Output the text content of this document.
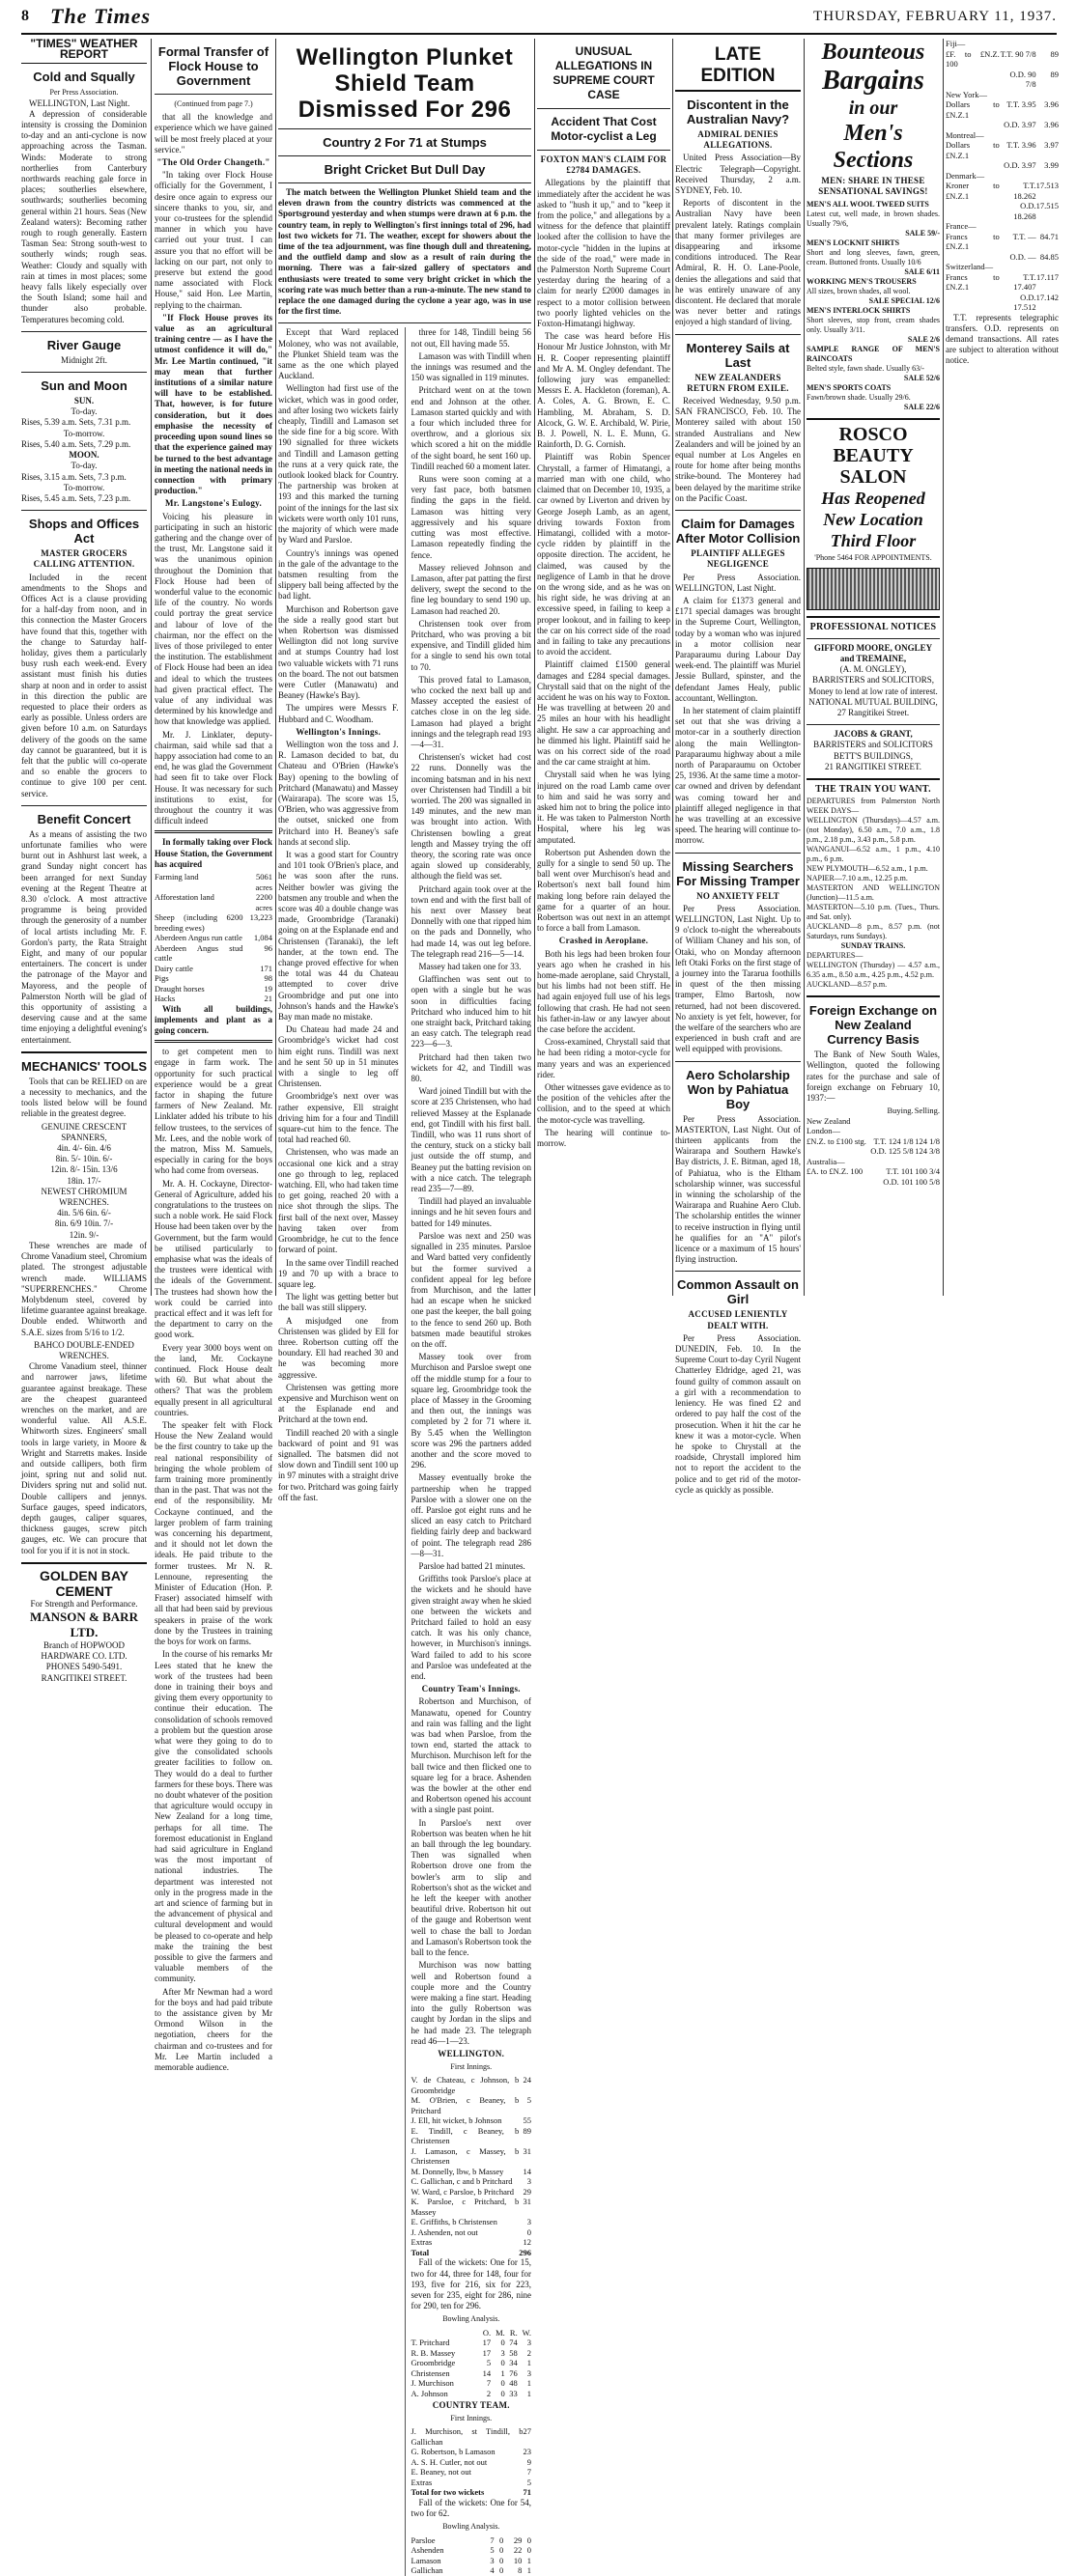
8	The Times	THURSDAY, FEBRUARY 11, 1937.
"TIMES" WEATHER REPORT
Cold and Squally
Per Press Association.
WELLINGTON, Last Night.

A depression of considerable intensity is crossing the Dominion to-day and an anti-cyclone is now approaching across the Tasman. Winds: Moderate to strong northerlies from Canterbury northwards reaching gale force in places; southerlies elsewhere, southwards; southerlies becoming general within 21 hours. Seas (New Zealand waters): Becoming rather rough to rough generally. Eastern Tasman Sea: Strong south-west to southerly winds; rough seas. Weather: Cloudy and squally with rain at times in most places; some heavy falls likely especially over the South Island; some hail and thunder also probable. Temperatures becoming cold.

River Gauge
Midnight 2ft.
Sun and Moon
SUN.
To-day.
Rises, 5.39 a.m. Sets, 7.31 p.m.
To-morrow.
Rises, 5.40 a.m. Sets, 7.29 p.m.
MOON.
To-day.
Rises, 3.15 a.m. Sets, 7.3 p.m.
To-morrow.
Rises, 5.45 a.m. Sets, 7.23 p.m.
Shops and Offices Act
MASTER GROCERS CALLING ATTENTION.

Included in the recent amendments to the Shops and Offices Act is a clause providing for a half-day from noon, and in this connection the Master Grocers have found that this, together with the change to Saturday half-holiday, gives them a particularly busy rush each week-end. Every assistant must finish his duties sharp at noon and in order to assist in this direction the public are requested to place their orders as early as possible. Unless orders are given before 10 a.m. on Saturdays delivery of the goods on the same day cannot be guaranteed, but it is felt that the public will co-operate and so enable the grocers to continue to give 100 per cent. service.

Benefit Concert

As a means of assisting the two unfortunate families who were burnt out in Ashhurst last week, a grand Sunday night concert has been arranged for next Sunday evening at the Regent Theatre at 8.30 o'clock. A most attractive programme is being provided through the generosity of a number of local artists including Mr. F. Gordon's party, the Rata Straight Eight, and many of our popular entertainers. The concert is under the patronage of the Mayor and Mayoress, and the people of Palmerston North will be glad of this opportunity of assisting a deserving cause and at the same time enjoying a delightful evening's entertainment.

MECHANICS' TOOLS

Tools that can be RELIED on are a necessity to mechanics, and the tools listed below will be found reliable in the greatest degree.

GENUINE CRESCENT SPANNERS,
4in. 4/- 6in. 4/6
8in. 5/- 10in. 6/-
12in. 8/- 15in. 13/6
18in. 17/-
NEWEST CHROMIUM WRENCHES.
4in. 5/6 6in. 6/-
8in. 6/9 10in. 7/-
12in. 9/-

These wrenches are made of Chrome Vanadium steel, Chromium plated. The strongest adjustable wrench made. WILLIAMS "SUPERRENCHES." Chrome Molybdenum steel, covered by lifetime guarantee against breakage. Double ended. Whitworth and S.A.E. sizes from 5/16 to 1/2.

BAHCO DOUBLE-ENDED WRENCHES.

Chrome Vanadium steel, thinner and narrower jaws, lifetime guarantee against breakage. These are the cheapest guaranteed wrenches on the market, and are wonderful value. All A.S.E. Whitworth sizes. Engineers' small tools in large variety, in Moore & Wright and Starretts makes. Inside and outside callipers, both firm joint, spring nut and solid nut. Dividers spring nut and solid nut. Double callipers and jennys. Surface gauges, speed indicators, depth gauges, caliper squares, thickness gauges, screw pitch gauges, etc. We can procure that tool for you if it is not in stock.

GOLDEN BAY CEMENT
For Strength and Performance.
MANSON & BARR LTD.
Branch of HOPWOOD HARDWARE CO. LTD.
PHONES 5490-5491.
RANGITIKEI STREET.
Formal Transfer of Flock House to Government
(Continued from page 7.)

that all the knowledge and experience which we have gained will be most freely placed at your service."

"The Old Order Changeth."

"In taking over Flock House officially for the Government, I desire once again to express our sincere thanks to you, sir, and your co-trustees for the splendid manner in which you have carried out your trust. I can assure you that no effort will be lacking on our part, not only to preserve but extend the good name associated with Flock House," said Hon. Lee Martin, replying to the chairman.

"If Flock House proves its value as an agricultural training centre — as I have the utmost confidence it will do," Mr. Lee Martin continued, "it may mean that further institutions of a similar nature will have to be established. That, however, is for future consideration, but it does emphasise the necessity of proceeding upon sound lines so that the experience gained may be turned to the best advantage in meeting the national needs in connection with primary production."

Mr. Langstone's Eulogy.

Voicing his pleasure in participating in such an historic gathering and the change over of the trust, Mr. Langstone said it was the unanimous opinion throughout the Dominion that Flock House had been of wonderful value to the economic life of the country. No words could portray the great service and labour of love of the chairman, nor the effect on the lives of those privileged to enter the institution. The establishment of Flock House had been an idea and ideal to which the trustees had given practical effect. The value of any individual was determined by his knowledge and how that knowledge was applied.

Mr. J. Linklater, deputy-chairman, said while sad that a happy association had come to an end, he was glad the Government had seen fit to take over Flock House. It was necessary for such institutions to exist, for throughout the country it was difficult indeed

In formally taking over Flock House Station, the Government has acquired

Farming land	5061 acres
Afforestation land	2200 acres
Sheep (including 6200 breeding ewes)	13,223
Aberdeen Angus run cattle	1,084
Aberdeen Angus stud cattle	96
Dairy cattle	171
Pigs	98
Draught horses	19
Hacks	21

With all buildings, implements and plant as a going concern.

to get competent men to engage in farm work. The opportunity for such practical experience would be a great factor in shaping the future farmers of New Zealand. Mr. Linklater added his tribute to his fellow trustees, to the services of Mr. Lees, and the noble work of the matron, Miss M. Samuels, especially in caring for the boys who had come from overseas.

Mr. A. H. Cockayne, Director-General of Agriculture, added his congratulations to the trustees on such a noble work. He said Flock House had been taken over by the Government, but the farm would be utilised particularly to emphasise what was the ideals of the trustees were identical with the ideals of the Government. The trustees had shown how the work could be carried into practical effect and it was left for the department to carry on the good work.

Every year 3000 boys went on the land, Mr. Cockayne continued. Flock House dealt with 60. But what about the others? That was the problem equally present in all agricultural countries.

The speaker felt with Flock House the New Zealand would be the first country to take up the real national responsibility of bringing the whole problem of farm training more prominently than in the past. That was not the end of the responsibility. Mr Cockayne continued, and the larger problem of farm training was concerning his department, and it should not let down the ideals. He paid tribute to the former trustees. Mr N. R. Lennoune, representing the Minister of Education (Hon. P. Fraser) associated himself with all that had been said by previous speakers in praise of the work done by the Trustees in training the boys for work on farms.

In the course of his remarks Mr Lees stated that he knew the work of the trustees had been done in training their boys and giving them every opportunity to continue their education. The consolidation of schools removed a problem but the question arose what were they going to do to give the consolidated schools greater facilities to follow on. They would do a deal to further farmers for these boys. There was no doubt whatever of the position that agriculture would occupy in New Zealand for a long time, perhaps for all time. The foremost educationist in England had said agriculture in England was the most important of national industries. The department was interested not only in the progress made in the art and science of farming but in the advancement of physical and cultural development and would be pleased to co-operate and help make the training the best possible to give the farmers and valuable members of the community.

After Mr Newman had a word for the boys and had paid tribute to the assistance given by Mr Ormond Wilson in the negotiation, cheers for the chairman and co-trustees and for Mr. Lee Martin included a memorable audience.

Wellington Plunket Shield Team Dismissed For 296
Country 2 For 71 at Stumps
Bright Cricket But Dull Day

The match between the Wellington Plunket Shield team and the eleven drawn from the country districts was commenced at the Sportsground yesterday and when stumps were drawn at 6 p.m. the country team, in reply to Wellington's first innings total of 296, had lost two wickets for 71. The weather, except for showers about the time of the tea adjournment, was fine though dull and threatening, and the outfield damp and slow as a result of rain during the morning. There was a fair-sized gallery of spectators and enthusiasts were treated to some very bright cricket in which the scoring rate was much better than a run-a-minute. The new stand to replace the one damaged during the cyclone a year ago, was in use for the first time.

Except that Ward replaced Moloney, who was not available, the Plunket Shield team was the same as the one which played Auckland.

Wellington had first use of the wicket, which was in good order, and after losing two wickets fairly cheaply, Tindill and Lamason set the side fine for a big score. With 190 signalled for three wickets and Tindill and Lamason getting the runs at a very quick rate, the outlook looked black for Country. The partnership was broken at 193 and this marked the turning point of the innings for the last six wickets were worth only 101 runs, the majority of which were made by Ward and Parsloe.

Country's innings was opened in the gale of the advantage to the batsmen resulting from the slippery ball being affected by the bad light.

Murchison and Robertson gave the side a really good start but when Robertson was dismissed Wellington did not long survive and at stumps Country had lost two valuable wickets with 71 runs on the board. The not out batsmen were Cutler (Manawatu) and Beaney (Hawke's Bay).

The umpires were Messrs F. Hubbard and C. Woodham.

Wellington's Innings.

Wellington won the toss and J. R. Lamason decided to bat, du Chateau and O'Brien (Hawke's Bay) opening to the bowling of Pritchard (Manawatu) and Massey (Wairarapa). The score was 15, O'Brien, who was aggressive from the outset, snicked one from Pritchard into H. Beaney's safe hands at second slip.

It was a good start for Country and 101 took O'Brien's place, and he was soon after the runs. Neither bowler was giving the batsmen any trouble and when the score was 40 a double change was made, Groombridge (Taranaki) going on at the Esplanade end and Christensen (Taranaki), the left hander, at the town end. The change proved effective for when the total was 44 du Chateau attempted to cover drive Groombridge and put one into Johnson's hands and the Hawke's Bay man made no mistake.

Du Chateau had made 24 and Groombridge's wicket had cost him eight runs. Tindill was next and he sent 50 up in 51 minutes with a single to leg off Christensen.

Groombridge's next over was rather expensive, Ell straight driving him for a four and Tindill square-cut him to the fence. The total had reached 60.

Christensen, who was made an occasional one kick and a stray one go through to leg, replaced watching. Ell, who had taken time to get going, reached 20 with a nice shot through the slips. The first ball of the next over, Massey having taken over from Groombridge, he cut to the fence forward of point.

In the same over Tindill reached 19 and 70 up with a brace to square leg.

The light was getting better but the ball was still slippery.

A misjudged one from Christensen was glided by Ell for three. Robertson cutting off the boundary. Ell had reached 30 and he was becoming more aggressive.

Christensen was getting more expensive and Murchison went on at the Esplanade end and Pritchard at the town end.

Tindill reached 20 with a single backward of point and 91 was signalled. The batsmen did not slow down and Tindill sent 100 up in 97 minutes with a straight drive for two. Pritchard was going fairly off the fast.

three for 148, Tindill being 56 not out, Ell having made 55.

Lamason was with Tindill when the innings was resumed and the 150 was signalled in 119 minutes.

Pritchard went on at the town end and Johnson at the other. Lamason started quickly and with a four which included three for overthrow, and a glorious six which scored a hit on the middle of the sight board, he sent 160 up. Tindill reached 60 a moment later.

Runs were soon coming at a very fast pace, both batsmen finding the gaps in the field. Lamason was hitting very aggressively and his square cutting was most effective. Lamason repeatedly finding the fence.

Massey relieved Johnson and Lamason, after pat patting the first delivery, swept the second to the fine leg boundary to send 190 up. Lamason had reached 20.

Christensen took over from Pritchard, who was proving a bit expensive, and Tindill glided him for a single to send his own total to 70.

This proved fatal to Lamason, who cocked the next ball up and Massey accepted the easiest of catches close in on the leg side. Lamason had played a bright innings and the telegraph read 193—4—31.

Christensen's wicket had cost 22 runs. Donnelly was the incoming batsman and in his next over Christensen had Tindill a bit worried. The 200 was signalled in 149 minutes, and the new man was brought into action. With Christensen bowling a great length and Massey trying the off theory, the scoring rate was once again slowed up considerably, although the field was set.

Pritchard again took over at the town end and with the first ball of his next over Massey beat Donnelly with one that ripped him on the pads and Donnelly, who had made 14, was out leg before. The telegraph read 216—5—14.

Massey had taken one for 33.

Glaffinchen was sent out to open with a single but he was soon in difficulties facing Pritchard who induced him to hit one straight back, Pritchard taking an easy catch. The telegraph read 223—6—3.

Pritchard had then taken two wickets for 42, and Tindill was 80.

Ward joined Tindill but with the score at 235 Christensen, who had relieved Massey at the Esplanade end, got Tindill with his first ball. Tindill, who was 11 runs short of the century, stuck on a sticky ball just outside the off stump, and Beaney put the batting revision on with a nice catch. The telegraph read 235—7—89.

Tindill had played an invaluable innings and he hit seven fours and batted for 149 minutes.

Parsloe was next and 250 was signalled in 235 minutes. Parsloe and Ward batted very confidently but the former survived a confident appeal for leg before from Murchison, and the latter had an escape when he snicked one past the keeper, the ball going to the fence to send 260 up. Both batsmen made beautiful strokes on the off.

Massey took over from Murchison and Parsloe swept one off the middle stump for a four to square leg. Groombridge took the place of Massey in the Grooming and then out, the innings was completed by 2 for 71 where it. By 5.45 when the Wellington score was 296 the partners added another and the score moved to 296.

Massey eventually broke the partnership when he trapped Parsloe with a slower one on the off. Parsloe got eight runs and he sliced an easy catch to Pritchard fielding fairly deep and backward of point. The telegraph read 286—8—31.

Parsloe had batted 21 minutes.

Griffiths took Parsloe's place at the wickets and he should have given straight away when he skied one between the wickets and Pritchard failed to hold an easy catch. It was his only chance, however, in Murchison's innings. Ward failed to add to his score and Parsloe was undefeated at the end.

Country Team's Innings.

Robertson and Murchison, of Manawatu, opened for Country and rain was falling and the light was bad when Parsloe, from the town end, started the attack to Murchison. Murchison left for the ball twice and then flicked one to square leg for a brace. Ashenden was the bowler at the other end and Robertson opened his account with a single past point.

In Parsloe's next over Robertson was beaten when he hit an ball through the leg boundary. Then was signalled when Robertson drove one from the bowler's arm to slip and Robertson's shot as the wicket and he left the keeper with another beautiful drive. Robertson hit out of the gauge and Robertson went well to chase the ball to Jordan and Lamason's Robertson took the ball to the fence.

Murchison was now batting well and Robertson found a couple more and the Country were making a fine start. Heading into the gully Robertson was caught by Jordan in the slips and he had made 23. The telegraph read 46—1—23.

WELLINGTON.
First Innings.
V. de Chateau, c Johnson, b Groombridge	24
M. O'Brien, c Beaney, b Pritchard	5
J. Ell, hit wicket, b Johnson	55
E. Tindill, c Beaney, b Christensen	89
J. Lamason, c Massey, b Christensen	31
M. Donnelly, lbw, b Massey	14
C. Gallichan, c and b Pritchard	3
W. Ward, c Parsloe, b Pritchard	29
K. Parsloe, c Pritchard, b Massey	31
E. Griffiths, b Christensen	3
J. Ashenden, not out	0
Extras	12
Total	296

Fall of the wickets: One for 15, two for 44, three for 148, four for 193, five for 216, six for 223, seven for 235, eight for 286, nine for 290, ten for 296.

Bowling Analysis.
	O.	M.	R.	W.
T. Pritchard	17	0	74	3
R. B. Massey	17	3	58	2
Groombridge	5	0	34	1
Christensen	14	1	76	3
J. Murchison	7	0	48	1
A. Johnson	2	0	33	1
COUNTRY TEAM.
First Innings.
J. Murchison, st Tindill, b Gallichan	27
G. Robertson, b Lamason	23
A. S. H. Cutler, not out	9
E. Beaney, not out	7
Extras	5
Total for two wickets	71

Fall of the wickets: One for 54, two for 62.

Bowling Analysis.
Parsloe	7	0	29	0
Ashenden	5	0	22	0
Lamason	3	0	10	1
Gallichan	4	0	8	1
UNUSUAL ALLEGATIONS IN SUPREME COURT CASE
Accident That Cost Motor-cyclist a Leg
FOXTON MAN'S CLAIM FOR £2784 DAMAGES.

Allegations by the plaintiff that immediately after the accident he was asked to "hush it up," and to "keep it from the police," and allegations by a witness for the defence that plaintiff looked after the collision to have the motor-cycle "hidden in the lupins at the side of the road," were made in the Palmerston North Supreme Court yesterday during the hearing of a claim for nearly £2000 damages in respect to a motor collision between two poorly lighted vehicles on the Foxton-Himatangi highway.

The case was heard before His Honour Mr Justice Johnston, with Mr H. R. Cooper representing plaintiff and Mr A. M. Ongley defendant. The following jury was empanelled: Messrs E. A. Hackleton (foreman), A. A. Coles, A. G. Brown, E. C. Hambling, M. Abraham, S. D. Alcock, G. W. E. Archibald, W. Pirie, B. J. Powell, N. L. E. Munn, G. Rainforth, D. G. Cornish.

Plaintiff was Robin Spencer Chrystall, a farmer of Himatangi, a married man with one child, who claimed that on December 10, 1935, a car owned by Liverton and driven by George Joseph Lamb, as an agent, driving towards Foxton from Himatangi, collided with a motor-cycle ridden by plaintiff in the opposite direction. The accident, he claimed, was caused by the negligence of Lamb in that he drove on the wrong side, and as he was on his right side, he was driving at an excessive speed, in failing to keep a proper lookout, and in failing to keep the car on his correct side of the road and in failing to take any precautions to avoid the accident.

Plaintiff claimed £1500 general damages and £284 special damages. Chrystall said that on the night of the accident he was on his way to Foxton. He was travelling at between 20 and 25 miles an hour with his headlight alight. He saw a car approaching and he dimmed his light. Plaintiff said he was on his correct side of the road and the car came straight at him.

Chrystall said when he was lying injured on the road Lamb came over to him and said he was sorry and asked him not to bring the police into it. He was taken to Palmerston North Hospital, where his leg was amputated.

Robertson put Ashenden down the gully for a single to send 50 up. The ball went over Murchison's head and Robertson's next ball found him making long before rain delayed the game for a quarter of an hour. Robertson was out next in an attempt to force a ball from Lamason.

Crashed in Aeroplane.

Both his legs had been broken four years ago when he crashed in his home-made aeroplane, said Chrystall, but his limbs had not been stiff. He had again enjoyed full use of his legs following that crash. He had not seen his father-in-law or any lawyer about the case before the accident.

Cross-examined, Chrystall said that he had been riding a motor-cycle for many years and was an experienced rider.

Other witnesses gave evidence as to the position of the vehicles after the collision, and to the speed at which the motor-cycle was travelling.

The hearing will continue to-morrow.

LATE EDITION
Discontent in the Australian Navy?
ADMIRAL DENIES ALLEGATIONS.

United Press Association—By Electric Telegraph—Copyright. Received Thursday, 2 a.m. SYDNEY, Feb. 10.

Reports of discontent in the Australian Navy have been prevalent lately. Ratings complain that many former privileges are disappearing and irksome conditions introduced. The Rear Admiral, R. H. O. Lane-Poole, denies the allegations and said that he was entirely unaware of any discontent. He declared that morale was never better and ratings enjoyed a high standard of living.

Monterey Sails at Last
NEW ZEALANDERS RETURN FROM EXILE.

Received Wednesday, 9.50 p.m. SAN FRANCISCO, Feb. 10. The Monterey sailed with about 150 stranded Australians and New Zealanders and will be joined by an equal number at Los Angeles en route for home after being months strike-bound. The Monterey had been delayed by the maritime strike on the Pacific Coast.

Claim for Damages After Motor Collision
PLAINTIFF ALLEGES NEGLIGENCE

Per Press Association. WELLINGTON, Last Night.

A claim for £1373 general and £171 special damages was brought in the Supreme Court, Wellington, today by a woman who was injured in a motor collision near Paraparaumu during Labour Day week-end. The plaintiff was Muriel Jessie Bullard, spinster, and the defendant James Healy, public accountant, Wellington.

In her statement of claim plaintiff set out that she was driving a motor-car in a southerly direction along the main Wellington-Paraparaumu highway about a mile north of Paraparaumu on October 25, 1936. At the same time a motor-car owned and driven by defendant was coming toward her and plaintiff alleged negligence in that he was travelling at an excessive speed. The hearing will continue to-morrow.

Missing Searchers For Missing Tramper
NO ANXIETY FELT

Per Press Association. WELLINGTON, Last Night. Up to 9 o'clock to-night the whereabouts of William Chaney and his son, of Otaki, who on Monday afternoon left Otaki Forks on the first stage of a journey into the Tararua foothills in quest of the then missing tramper, Elmo Bartosh, now returned, had not been discovered. No anxiety is yet felt, however, for the welfare of the searchers who are experienced in bush craft and are well equipped with provisions.

Aero Scholarship Won by Pahiatua Boy

Per Press Association. MASTERTON, Last Night. Out of thirteen applicants from the Wairarapa and Southern Hawke's Bay districts, J. E. Bitman, aged 18, of Pahiatua, who is the Eltham scholarship winner, was successful in winning the scholarship of the Wairarapa and Ruahine Aero Club. The scholarship entitles the winner to receive instruction in flying until he qualifies for an "A" pilot's licence or a maximum of 15 hours' flying instruction.

Common Assault on Girl
ACCUSED LENIENTLY DEALT WITH.

Per Press Association. DUNEDIN, Feb. 10. In the Supreme Court to-day Cyril Nugent Chatterley Eldridge, aged 21, was found guilty of common assault on a girl with a recommendation to leniency. He was fined £2 and ordered to pay half the cost of the prosecution. When it hit the car he knew it was a motor-cycle. When he spoke to Chrystall at the roadside, Chrystall implored him not to report the accident to the police and to get rid of the motor-cycle as quickly as possible.

Bounteous
Bargains
in our
Men's
Sections
MEN: SHARE IN THESE SENSATIONAL SAVINGS!
MEN'S ALL WOOL TWEED SUITS
Latest cut, well made, in brown shades. Usually 79/6,

SALE 59/-

MEN'S LOCKNIT SHIRTS
Short and long sleeves, fawn, green, cream. Buttoned fronts. Usually 10/6

SALE 6/11

WORKING MEN'S TROUSERS
All sizes, brown shades, all wool.

SALE SPECIAL 12/6

MEN'S INTERLOCK SHIRTS
Short sleeves, stop front, cream shades only. Usually 3/11.

SALE 2/6

SAMPLE RANGE OF MEN'S RAINCOATS
Belted style, fawn shade. Usually 63/-

SALE 52/6

MEN'S SPORTS COATS
Fawn/brown shade. Usually 29/6.

SALE 22/6

ROSCO
BEAUTY
SALON
Has Reopened
New Location
Third Floor
'Phone 5464 FOR APPOINTMENTS.
PROFESSIONAL NOTICES
GIFFORD MOORE, ONGLEY and TREMAINE,
(A. M. ONGLEY),
BARRISTERS and SOLICITORS,
Money to lend at low rate of interest.
NATIONAL MUTUAL BUILDING,
27 Rangitikei Street.
JACOBS & GRANT,
BARRISTERS and SOLICITORS
BETT'S BUILDINGS,
21 RANGITIKEI STREET.
THE TRAIN YOU WANT.
DEPARTURES from Palmerston North WEEK DAYS—
WELLINGTON (Thursdays)—4.57 a.m. (not Monday), 6.50 a.m., 7.0 a.m., 1.8 p.m., 2.18 p.m., 3.43 p.m., 5.8 p.m.
WANGANUI—6.52 a.m., 1 p.m., 4.10 p.m., 6 p.m.
NEW PLYMOUTH—6.52 a.m., 1 p.m.
NAPIER—7.10 a.m., 12.25 p.m.
MASTERTON AND WELLINGTON (Junction)—11.5 a.m.
MASTERTON—5.10 p.m. (Tues., Thurs. and Sat. only).
AUCKLAND—8 p.m., 8.57 p.m. (not Saturdays, runs Sundays).
SUNDAY TRAINS.
DEPARTURES—
WELLINGTON (Thursday) — 4.57 a.m., 6.35 a.m., 8.50 a.m., 4.25 p.m., 4.52 p.m.
AUCKLAND—8.57 p.m.
Foreign Exchange on New Zealand Currency Basis

The Bank of New South Wales, Wellington, quoted the following rates for the purchase and sale of foreign exchange on February 10, 1937:—

	Buying.	Selling.
New Zealand		
London—		
£N.Z. to £100 stg.	T.T. 124 1/8	124 1/8
	O.D. 125 5/8	124 3/8
Australia—		
£A. to £N.Z. 100	T.T. 101	100 3/4
	O.D. 101	100 5/8
Fiji—		
£F. to £N.Z. 100	T.T. 90 7/8	89
	O.D. 90 7/8	89
New York—		
Dollars to £N.Z.1	T.T. 3.95	3.96
	O.D. 3.97	3.96
Montreal—		
Dollars to £N.Z.1	T.T. 3.96	3.97
	O.D. 3.97	3.99
Denmark—		
Kroner to £N.Z.1	T.T. 18.262	17.513
	O.D. 18.268	17.515
France—		
Francs to £N.Z.1	T.T. —	84.71
	O.D. —	84.85
Switzerland—		
Francs to £N.Z.1	T.T. 17.407	17.117
	O.D. 17.512	17.142

T.T. represents telegraphic transfers. O.D. represents on demand transactions. All rates are subject to alteration without notice.
